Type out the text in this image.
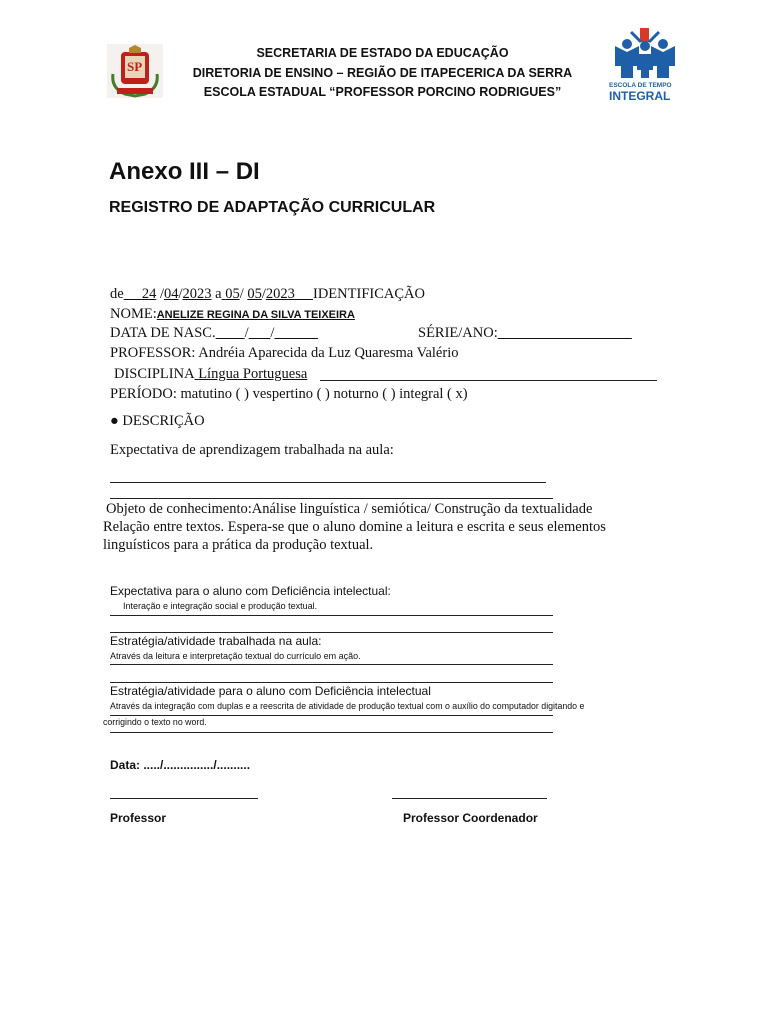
SP
SECRETARIA DE ESTADO DA EDUCAÇÃO
DIRETORIA DE ENSINO – REGIÃO DE ITAPECERICA DA SERRA
ESCOLA ESTADUAL “PROFESSOR PORCINO RODRIGUES”	ESCOLA DE TEMPO
INTEGRAL
Anexo III – DI
REGISTRO DE ADAPTAÇÃO CURRICULAR
de 24 /04/2023 a 05/ 05/2023 IDENTIFICAÇÃO
NOME:ANELIZE REGINA DA SILVA TEIXEIRA
DATA DE NASC. / /	SÉRIE/ANO:
PROFESSOR: Andréia Aparecida da Luz Quaresma Valério
DISCIPLINA Língua Portuguesa
PERÍODO: matutino ( ) vespertino ( ) noturno ( ) integral ( x)
● DESCRIÇÃO
Expectativa de aprendizagem trabalhada na aula:
Objeto de conhecimento:Análise linguística / semiótica/ Construção da textualidade
Relação entre textos. Espera-se que o aluno domine a leitura e escrita e seus elementos
linguísticos para a prática da produção textual.
Expectativa para o aluno com Deficiência intelectual:
Interação e integração social e produção textual.
Estratégia/atividade trabalhada na aula:
Através da leitura e interpretação textual do currículo em ação.
Estratégia/atividade para o aluno com Deficiência intelectual
Através da integração com duplas e a reescrita de atividade de produção textual com o auxílio do computador digitando e
corrigindo o texto no word.
Data: ...../.............../..........
Professor	Professor Coordenador
